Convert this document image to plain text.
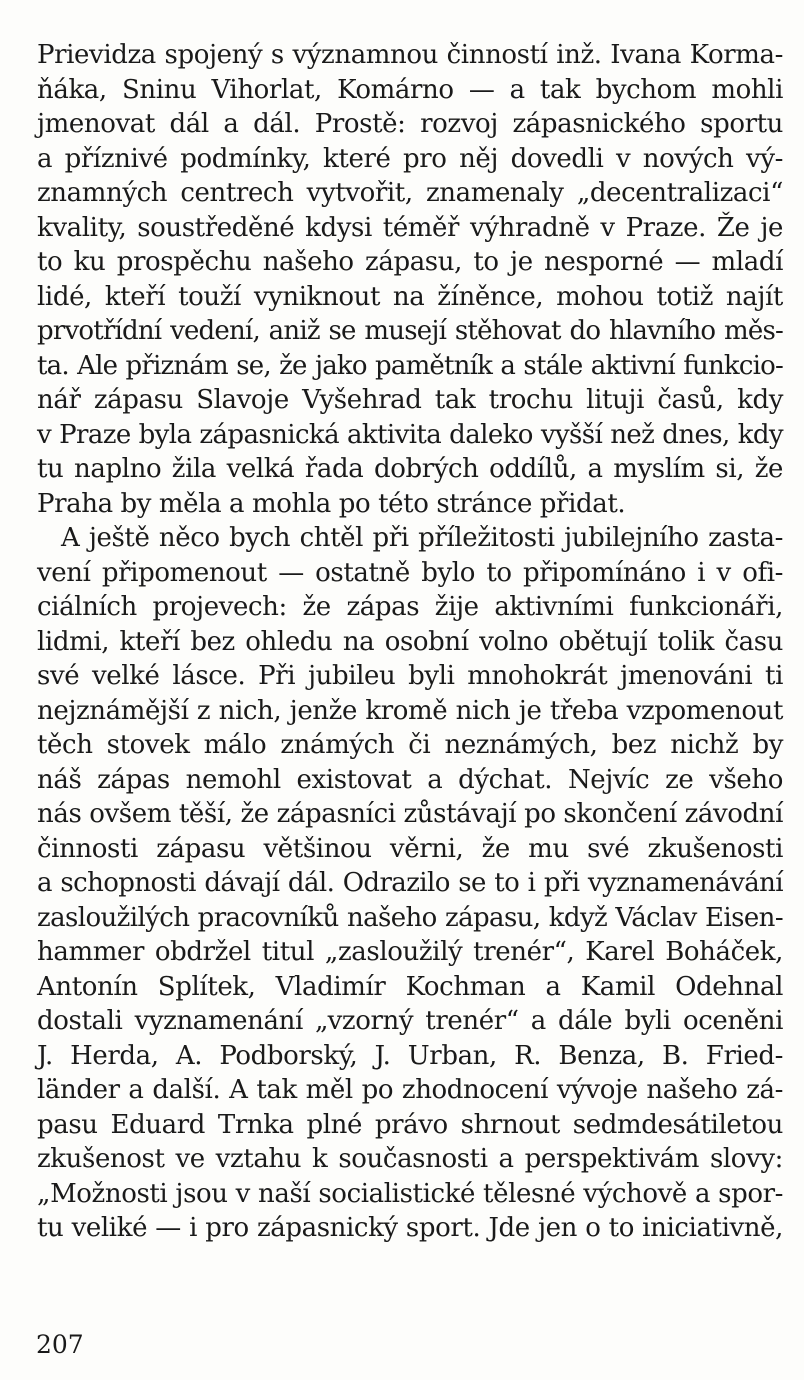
Prievidza spojený s významnou činností inž. Ivana Korma-
ňáka, Sninu Vihorlat, Komárno — a tak bychom mohli
jmenovat dál a dál. Prostě: rozvoj zápasnického sportu
a příznivé podmínky, které pro něj dovedli v nových vý-
znamných centrech vytvořit, znamenaly „decentralizaci“
kvality, soustředěné kdysi téměř výhradně v Praze. Že je
to ku prospěchu našeho zápasu, to je nesporné — mladí
lidé, kteří touží vyniknout na žíněnce, mohou totiž najít
prvotřídní vedení, aniž se musejí stěhovat do hlavního měs-
ta. Ale přiznám se, že jako pamětník a stále aktivní funkcio-
nář zápasu Slavoje Vyšehrad tak trochu lituji časů, kdy
v Praze byla zápasnická aktivita daleko vyšší než dnes, kdy
tu naplno žila velká řada dobrých oddílů, a myslím si, že
Praha by měla a mohla po této stránce přidat.
A ještě něco bych chtěl při příležitosti jubilejního zasta-
vení připomenout — ostatně bylo to připomínáno i v ofi-
ciálních projevech: že zápas žije aktivními funkcionáři,
lidmi, kteří bez ohledu na osobní volno obětují tolik času
své velké lásce. Při jubileu byli mnohokrát jmenováni ti
nejznámější z nich, jenže kromě nich je třeba vzpomenout
těch stovek málo známých či neznámých, bez nichž by
náš zápas nemohl existovat a dýchat. Nejvíc ze všeho
nás ovšem těší, že zápasníci zůstávají po skončení závodní
činnosti zápasu většinou věrni, že mu své zkušenosti
a schopnosti dávají dál. Odrazilo se to i při vyznamenávání
zasloužilých pracovníků našeho zápasu, když Václav Eisen-
hammer obdržel titul „zasloužilý trenér“, Karel Boháček,
Antonín Splítek, Vladimír Kochman a Kamil Odehnal
dostali vyznamenání „vzorný trenér“ a dále byli oceněni
J. Herda, A. Podborský, J. Urban, R. Benza, B. Fried-
länder a další. A tak měl po zhodnocení vývoje našeho zá-
pasu Eduard Trnka plné právo shrnout sedmdesátiletou
zkušenost ve vztahu k současnosti a perspektivám slovy:
„Možnosti jsou v naší socialistické tělesné výchově a spor-
tu veliké — i pro zápasnický sport. Jde jen o to iniciativně,
207
